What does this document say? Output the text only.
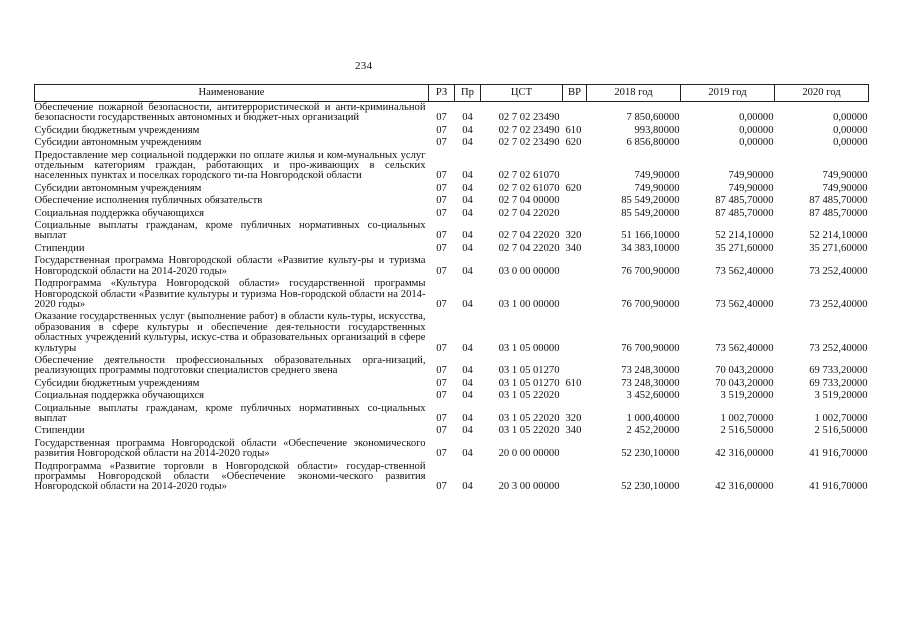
234
Наименование	РЗ	Пр	ЦСТ	ВР	2018 год	2019 год	2020 год
Обеспечение пожарной безопасности, антитеррористической и анти-криминальной безопасности государственных автономных и бюджет-ных организаций	07	04	02 7 02 23490		7 850,60000	0,00000	0,00000
Субсидии бюджетным учреждениям	07	04	02 7 02 23490	610	993,80000	0,00000	0,00000
Субсидии автономным учреждениям	07	04	02 7 02 23490	620	6 856,80000	0,00000	0,00000
Предоставление мер социальной поддержки по оплате жилья и ком-мунальных услуг отдельным категориям граждан, работающих и про-живающих в сельских населенных пунктах и поселках городского ти-па Новгородской области	07	04	02 7 02 61070		749,90000	749,90000	749,90000
Субсидии автономным учреждениям	07	04	02 7 02 61070	620	749,90000	749,90000	749,90000
Обеспечение исполнения публичных обязательств	07	04	02 7 04 00000		85 549,20000	87 485,70000	87 485,70000
Социальная поддержка обучающихся	07	04	02 7 04 22020		85 549,20000	87 485,70000	87 485,70000
Социальные выплаты гражданам, кроме публичных нормативных со-циальных выплат	07	04	02 7 04 22020	320	51 166,10000	52 214,10000	52 214,10000
Стипендии	07	04	02 7 04 22020	340	34 383,10000	35 271,60000	35 271,60000
Государственная программа Новгородской области «Развитие культу-ры и туризма Новгородской области на 2014-2020 годы»	07	04	03 0 00 00000		76 700,90000	73 562,40000	73 252,40000
Подпрограмма «Культура Новгородской области» государственной программы Новгородской области «Развитие культуры и туризма Нов-городской области на 2014-2020 годы»	07	04	03 1 00 00000		76 700,90000	73 562,40000	73 252,40000
Оказание государственных услуг (выполнение работ) в области куль-туры, искусства, образования в сфере культуры и обеспечение дея-тельности государственных областных учреждений культуры, искус-ства и образовательных организаций в сфере культуры	07	04	03 1 05 00000		76 700,90000	73 562,40000	73 252,40000
Обеспечение деятельности профессиональных образовательных орга-низаций, реализующих программы подготовки специалистов среднего звена	07	04	03 1 05 01270		73 248,30000	70 043,20000	69 733,20000
Субсидии бюджетным учреждениям	07	04	03 1 05 01270	610	73 248,30000	70 043,20000	69 733,20000
Социальная поддержка обучающихся	07	04	03 1 05 22020		3 452,60000	3 519,20000	3 519,20000
Социальные выплаты гражданам, кроме публичных нормативных со-циальных выплат	07	04	03 1 05 22020	320	1 000,40000	1 002,70000	1 002,70000
Стипендии	07	04	03 1 05 22020	340	2 452,20000	2 516,50000	2 516,50000
Государственная программа Новгородской области «Обеспечение экономического развития Новгородской области на 2014-2020 годы»	07	04	20 0 00 00000		52 230,10000	42 316,00000	41 916,70000
Подпрограмма «Развитие торговли в Новгородской области» государ-ственной программы Новгородской области «Обеспечение экономи-ческого развития Новгородской области на 2014-2020 годы»	07	04	20 3 00 00000		52 230,10000	42 316,00000	41 916,70000
